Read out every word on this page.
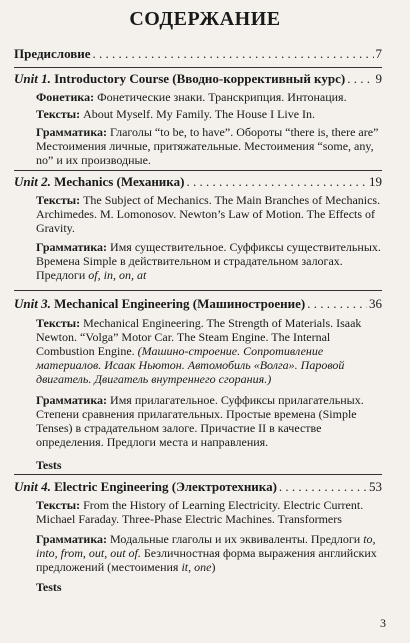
СОДЕРЖАНИЕ
Предисловие . . .	7
Unit 1. Introductory Course (Вводно-коррективный курс) . . . 9
Фонетика: Фонетические знаки. Транскрипция. Интонация.
Тексты: About Myself. My Family. The House I Live In.
Грамматика: Глаголы “to be, to have”. Обороты “there is, there are” Местоимения личные, притяжательные. Местоимения “some, any, no” и их производные.
Unit 2. Mechanics (Механика) . . .	19
Тексты: The Subject of Mechanics. The Main Branches of Mechanics. Archimedes. M. Lomonosov. Newton’s Law of Motion. The Effects of Gravity.
Грамматика: Имя существительное. Суффиксы существительных. Времена Simple в действительном и страдательном залогах. Предлоги of, in, on, at
Unit 3. Mechanical Engineering (Машиностроение) . . .	36
Тексты: Mechanical Engineering. The Strength of Materials. Isaak Newton. “Volga” Motor Car. The Steam Engine. The Internal Combustion Engine. (Машино-строение. Сопротивление материалов. Исаак Ньютон. Автомобиль «Волга». Паровой двигатель. Двигатель внутреннего сгорания.)
Грамматика: Имя прилагательное. Суффиксы прилагательных. Степени сравнения прилагательных. Простые времена (Simple Tenses) в страдательном залоге. Причастие II в качестве определения. Предлоги места и направления.
Tests
Unit 4. Electric Engineering (Электротехника) . . .	53
Тексты: From the History of Learning Electricity. Electric Current. Michael Faraday. Three-Phase Electric Machines. Transformers
Грамматика: Модальные глаголы и их эквиваленты. Предлоги to, into, from, out, out of. Безличностная форма выражения английских предложений (местоимения it, one)
Tests
3
